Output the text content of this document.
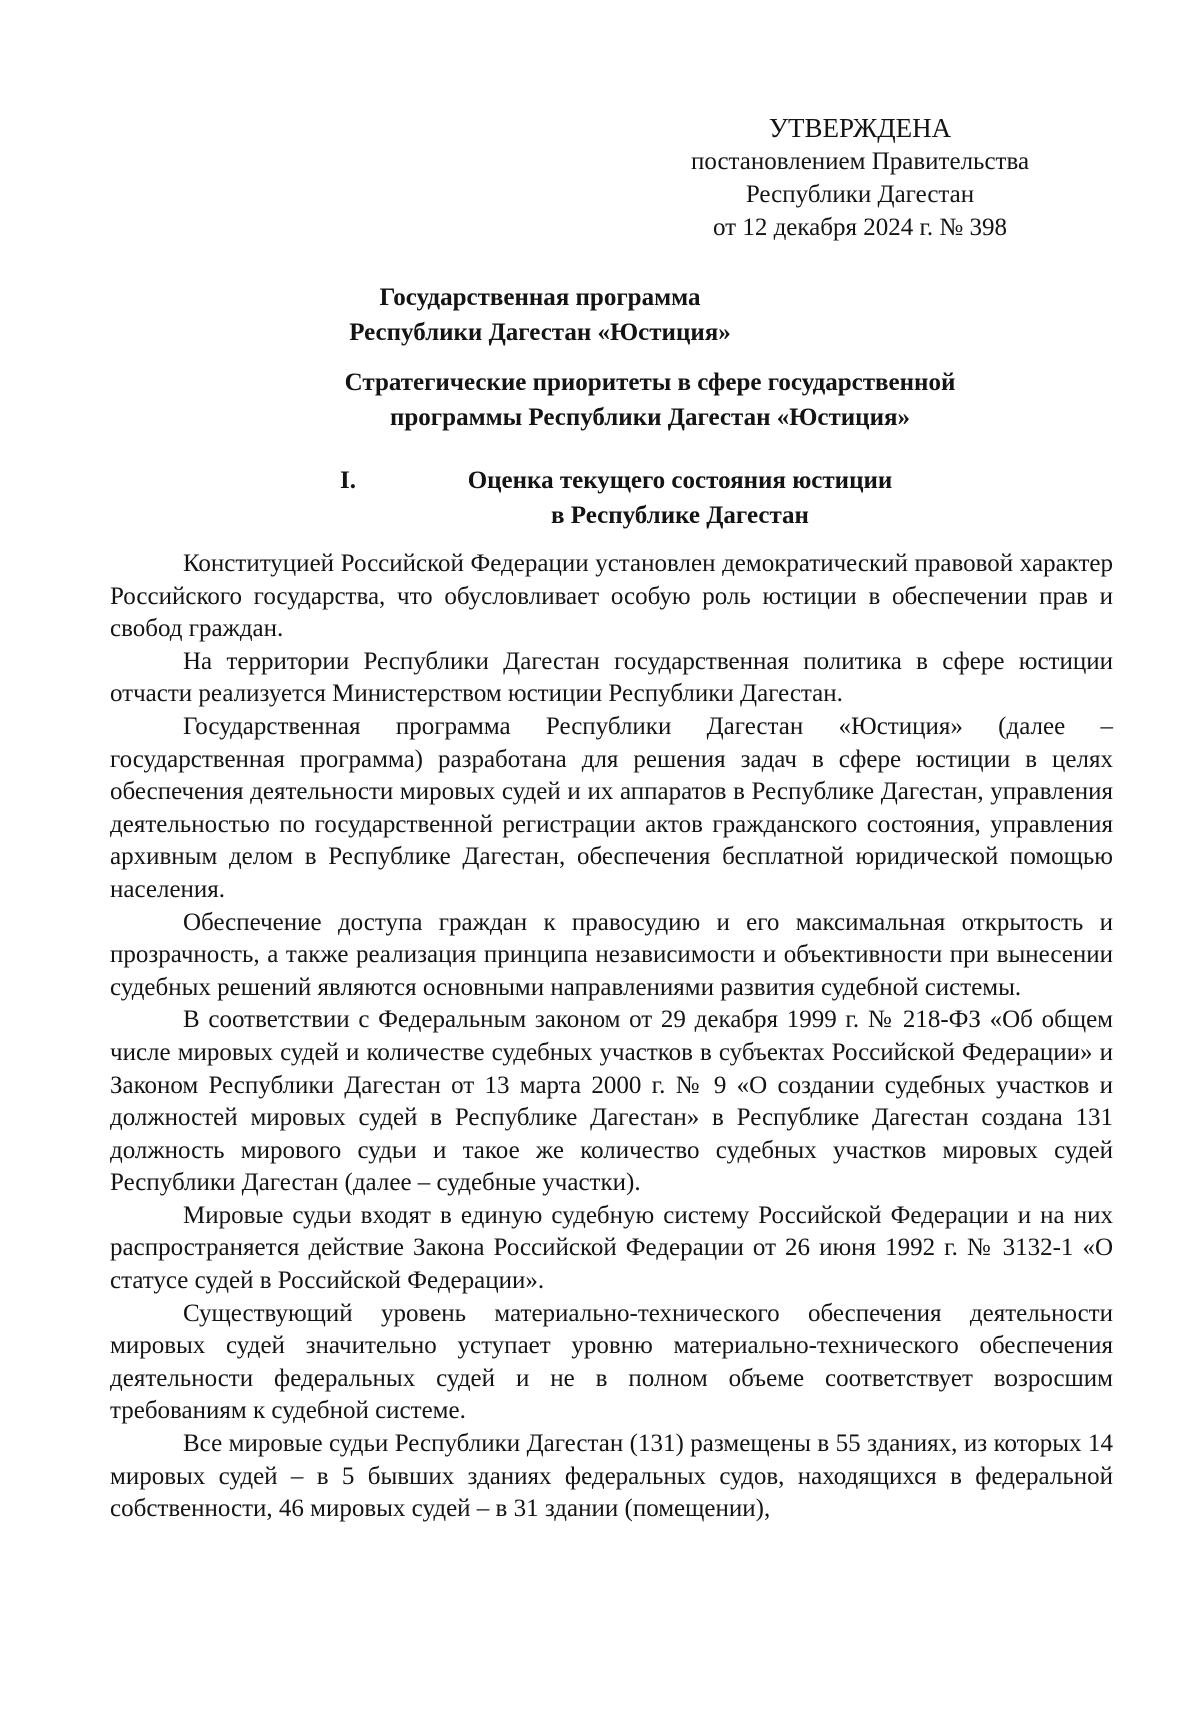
УТВЕРЖДЕНА
постановлением Правительства
Республики Дагестан
от 12 декабря 2024 г. № 398
Государственная программа
Республики Дагестан «Юстиция»
Стратегические приоритеты в сфере государственной
программы Республики Дагестан «Юстиция»
I.	Оценка текущего состояния юстиции
в Республике Дагестан

Конституцией Российской Федерации установлен демократический правовой характер Российского государства, что обусловливает особую роль юстиции в обеспечении прав и свобод граждан.

На территории Республики Дагестан государственная политика в сфере юстиции отчасти реализуется Министерством юстиции Республики Дагестан.

Государственная программа Республики Дагестан «Юстиция» (далее – государственная программа) разработана для решения задач в сфере юстиции в целях обеспечения деятельности мировых судей и их аппаратов в Республике Дагестан, управления деятельностью по государственной регистрации актов гражданского состояния, управления архивным делом в Республике Дагестан, обеспечения бесплатной юридической помощью населения.

Обеспечение доступа граждан к правосудию и его максимальная открытость и прозрачность, а также реализация принципа независимости и объективности при вынесении судебных решений являются основными направлениями развития судебной системы.

В соответствии с Федеральным законом от 29 декабря 1999 г. № 218-ФЗ «Об общем числе мировых судей и количестве судебных участков в субъектах Российской Федерации» и Законом Республики Дагестан от 13 марта 2000 г. № 9 «О создании судебных участков и должностей мировых судей в Республике Дагестан» в Республике Дагестан создана 131 должность мирового судьи и такое же количество судебных участков мировых судей Республики Дагестан (далее – судебные участки).

Мировые судьи входят в единую судебную систему Российской Федерации и на них распространяется действие Закона Российской Федерации от 26 июня 1992 г. № 3132-1 «О статусе судей в Российской Федерации».

Существующий уровень материально-технического обеспечения деятельности мировых судей значительно уступает уровню материально-технического обеспечения деятельности федеральных судей и не в полном объеме соответствует возросшим требованиям к судебной системе.

Все мировые судьи Республики Дагестан (131) размещены в 55 зданиях, из которых 14 мировых судей – в 5 бывших зданиях федеральных судов, находящихся в федеральной собственности, 46 мировых судей – в 31 здании (помещении),
